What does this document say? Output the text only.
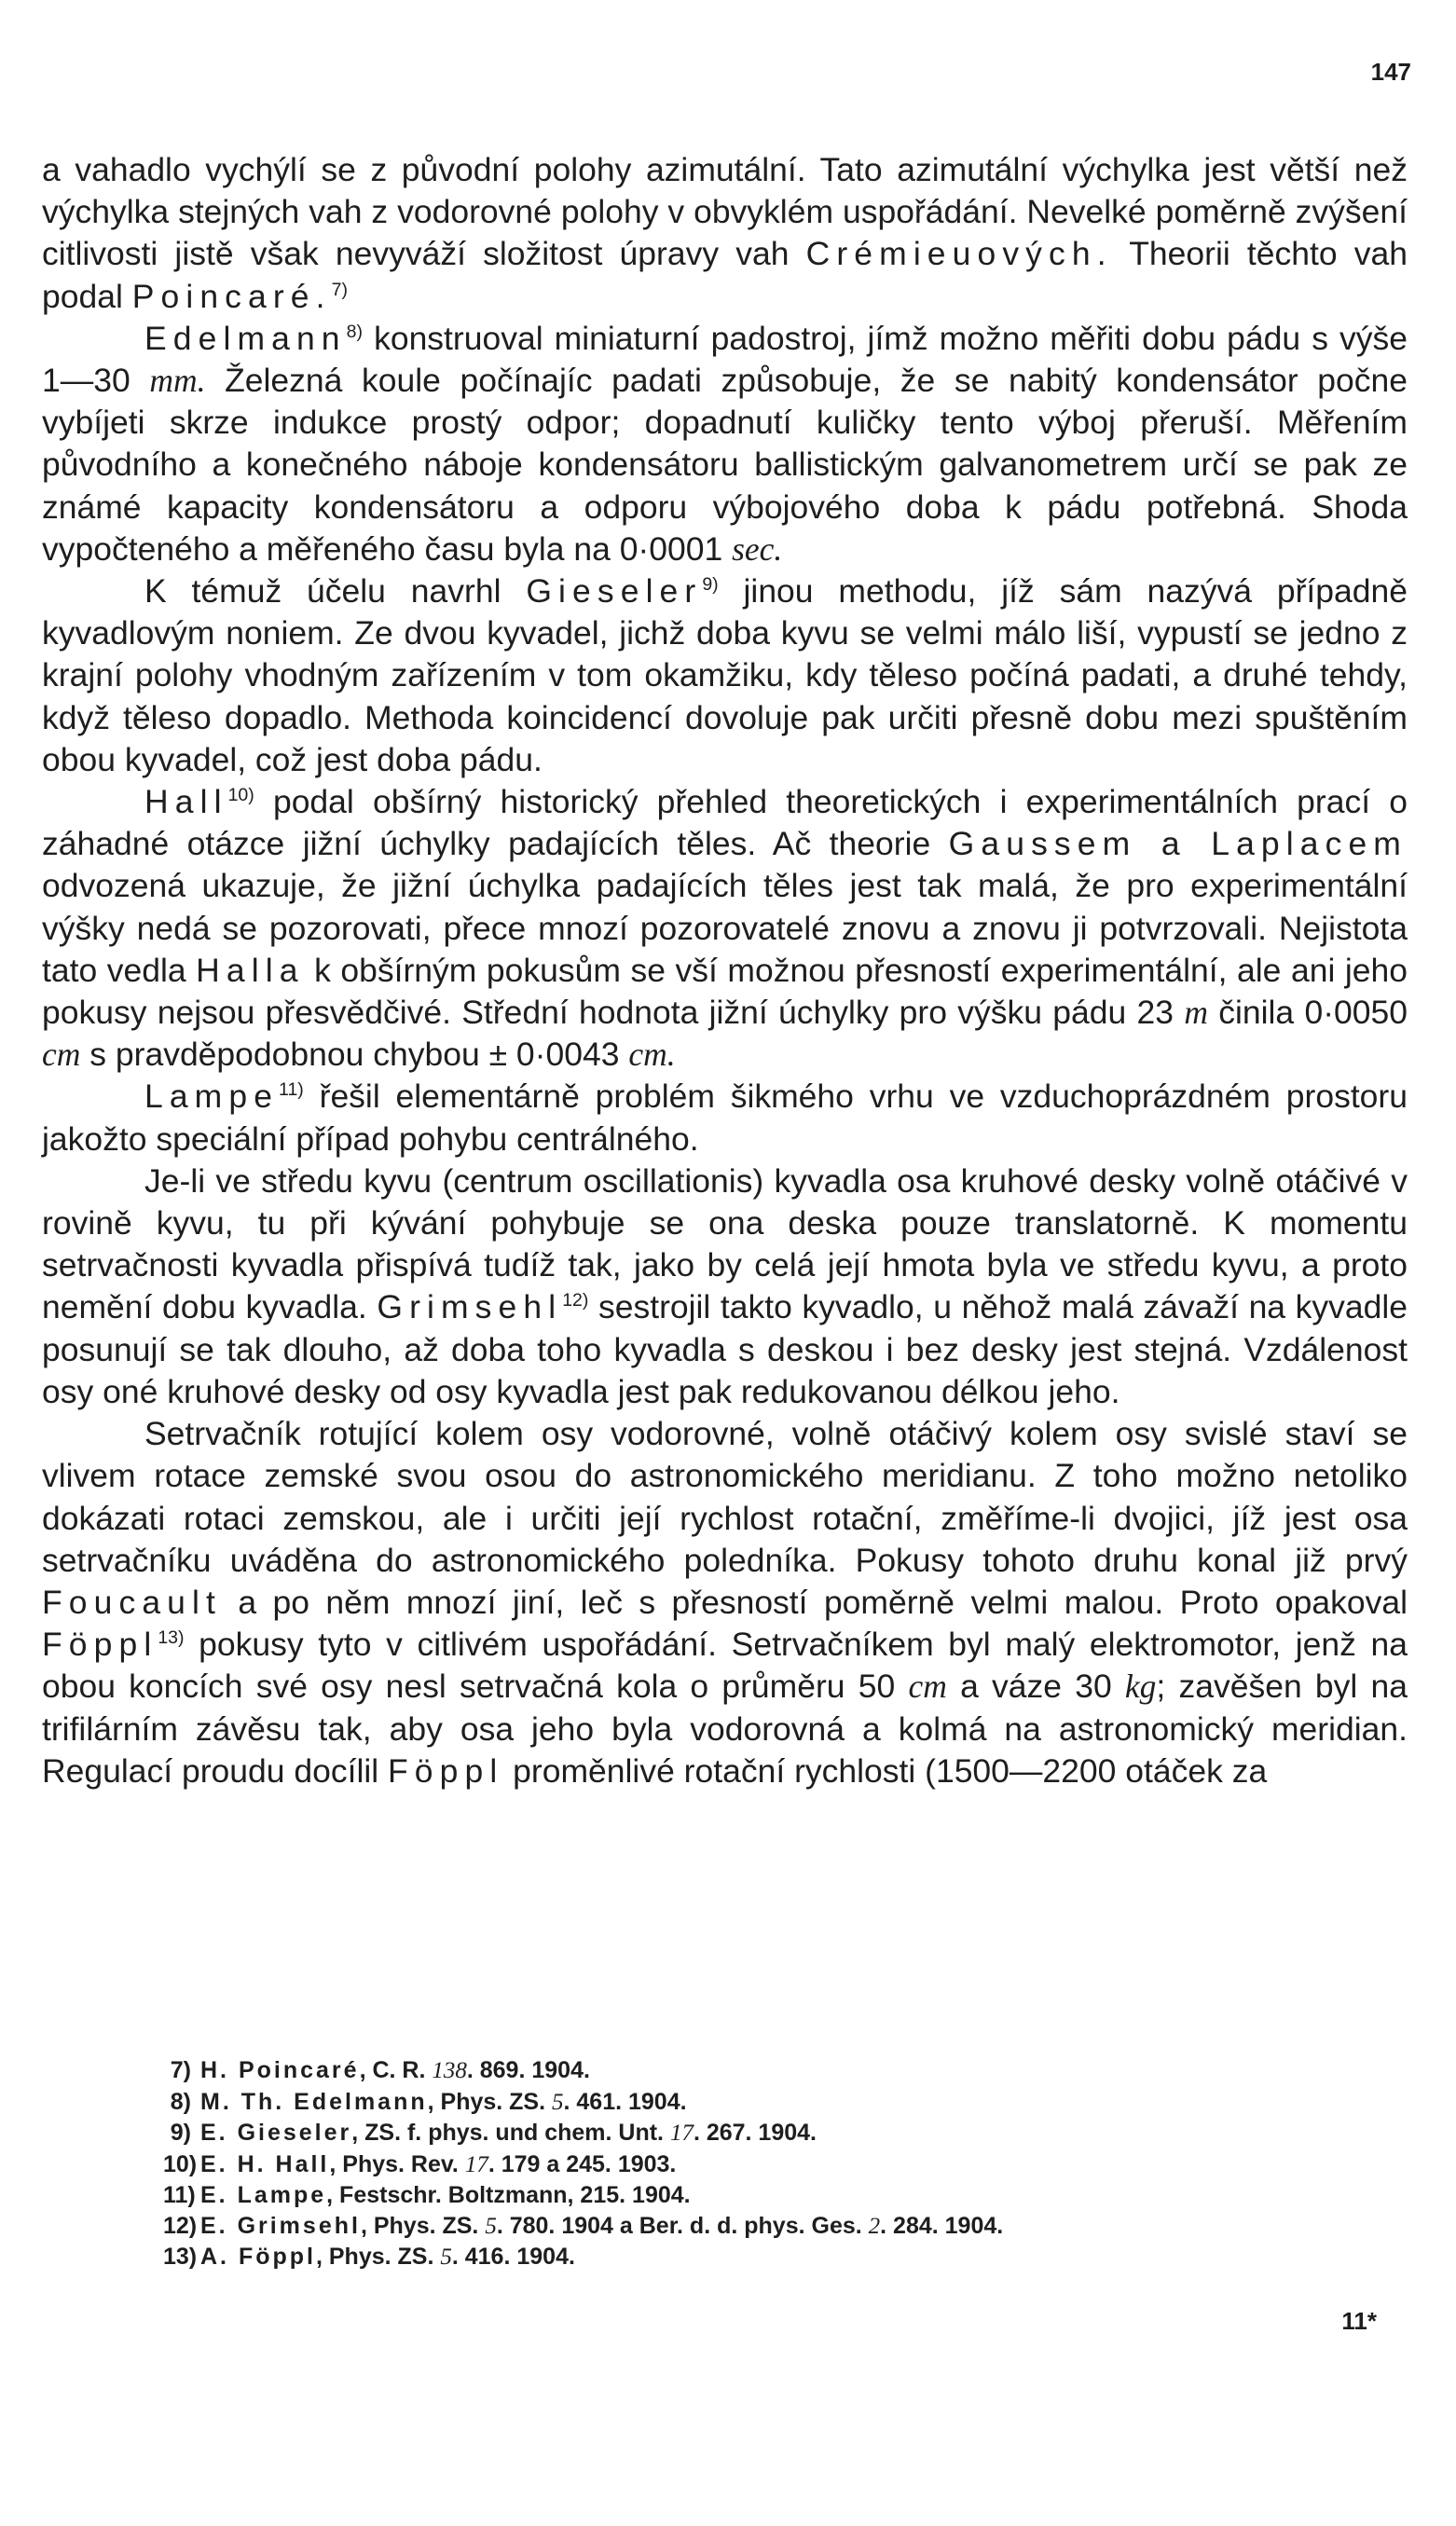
147

a vahadlo vychýlí se z původní polohy azimutální. Tato azimutální výchylka jest větší než výchylka stejných vah z vodorovné polohy v obvyklém uspořádání. Nevelké poměrně zvýšení citlivosti jistě však nevyváží složitost úpravy vah Crémieuových. Theorii těchto vah podal Poincaré.$^{7)}$

Edelmann$^{8)}$ konstruoval miniaturní padostroj, jímž možno měřiti dobu pádu s výše 1—30 mm. Železná koule počínajíc padati způsobuje, že se nabitý kondensátor počne vybíjeti skrze indukce prostý odpor; dopadnutí kuličky tento výboj přeruší. Měřením původního a konečného náboje kondensátoru ballistickým galvanometrem určí se pak ze známé kapacity kondensátoru a odporu výbojového doba k pádu potřebná. Shoda vypočteného a měřeného času byla na 0·0001 sec.

K témuž účelu navrhl Gieseler$^{9)}$ jinou methodu, jíž sám nazývá případně kyvadlovým noniem. Ze dvou kyvadel, jichž doba kyvu se velmi málo liší, vypustí se jedno z krajní polohy vhodným zařízením v tom okamžiku, kdy těleso počíná padati, a druhé tehdy, když těleso dopadlo. Methoda koincidencí dovoluje pak určiti přesně dobu mezi spuštěním obou kyvadel, což jest doba pádu.

Hall$^{10)}$ podal obšírný historický přehled theoretických i experimentálních prací o záhadné otázce jižní úchylky padajících těles. Ač theorie Gaussem a Laplacem odvozená ukazuje, že jižní úchylka padajících těles jest tak malá, že pro experimentální výšky nedá se pozorovati, přece mnozí pozorovatelé znovu a znovu ji potvrzovali. Nejistota tato vedla Halla k obšírným pokusům se vší možnou přesností experimentální, ale ani jeho pokusy nejsou přesvědčivé. Střední hodnota jižní úchylky pro výšku pádu 23 m činila 0·0050 cm s pravděpodobnou chybou ± 0·0043 cm.

Lampe$^{11)}$ řešil elementárně problém šikmého vrhu ve vzduchoprázdném prostoru jakožto speciální případ pohybu centrálného.

Je-li ve středu kyvu (centrum oscillationis) kyvadla osa kruhové desky volně otáčivé v rovině kyvu, tu při kývání pohybuje se ona deska pouze translatorně. K momentu setrvačnosti kyvadla přispívá tudíž tak, jako by celá její hmota byla ve středu kyvu, a proto nemění dobu kyvadla. Grimsehl$^{12)}$ sestrojil takto kyvadlo, u něhož malá závaží na kyvadle posunují se tak dlouho, až doba toho kyvadla s deskou i bez desky jest stejná. Vzdálenost osy oné kruhové desky od osy kyvadla jest pak redukovanou délkou jeho.

Setrvačník rotující kolem osy vodorovné, volně otáčivý kolem osy svislé staví se vlivem rotace zemské svou osou do astronomického meridianu. Z toho možno netoliko dokázati rotaci zemskou, ale i určiti její rychlost rotační, změříme-li dvojici, jíž jest osa setrvačníku uváděna do astronomického poledníka. Pokusy tohoto druhu konal již prvý Foucault a po něm mnozí jiní, leč s přesností poměrně velmi malou. Proto opakoval Föppl$^{13)}$ pokusy tyto v citlivém uspořádání. Setrvačníkem byl malý elektromotor, jenž na obou koncích své osy nesl setrvačná kola o průměru 50 cm a váze 30 kg; zavěšen byl na trifilárním závěsu tak, aby osa jeho byla vodorovná a kolmá na astronomický meridian. Regulací proudu docílil Föppl proměnlivé rotační rychlosti (1500—2200 otáček za

7) H. Poincaré, C. R. 138. 869. 1904.
8) M. Th. Edelmann, Phys. ZS. 5. 461. 1904.
9) E. Gieseler, ZS. f. phys. und chem. Unt. 17. 267. 1904.
10) E. H. Hall, Phys. Rev. 17. 179 a 245. 1903.
11) E. Lampe, Festschr. Boltzmann, 215. 1904.
12) E. Grimsehl, Phys. ZS. 5. 780. 1904 a Ber. d. d. phys. Ges. 2. 284. 1904.
13) A. Föppl, Phys. ZS. 5. 416. 1904.
11*
